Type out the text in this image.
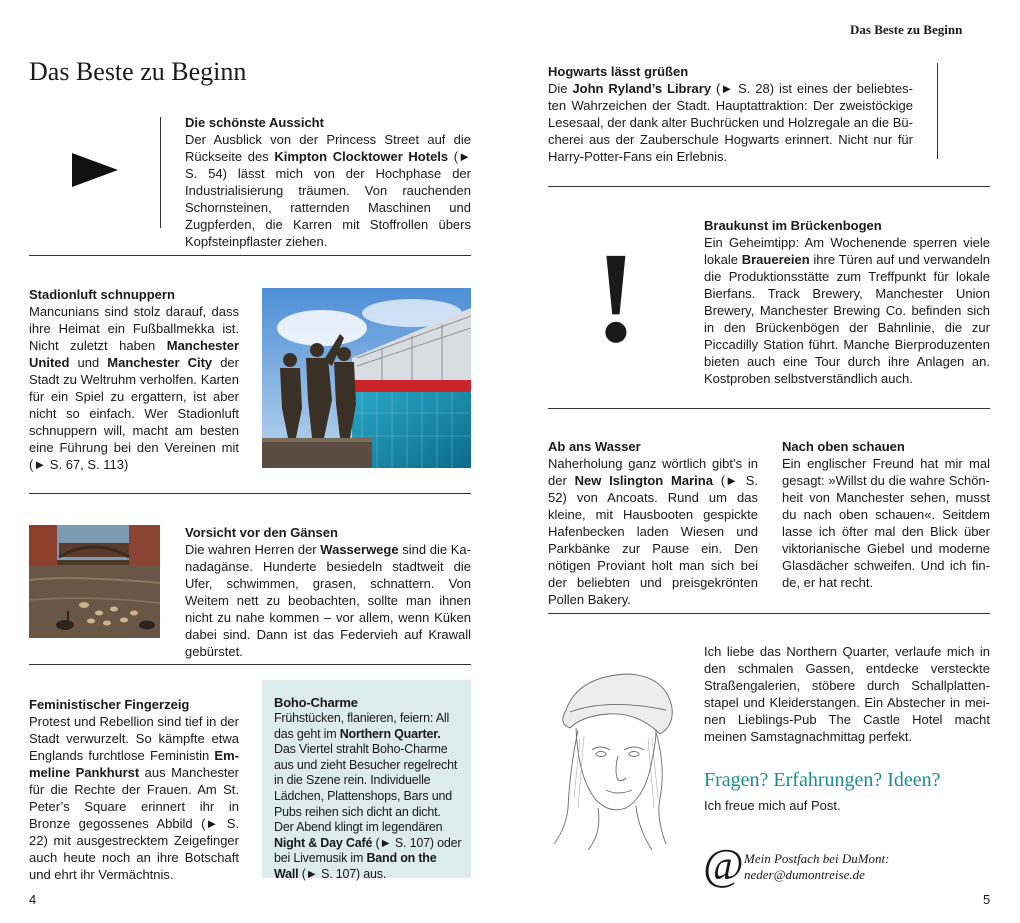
Das Beste zu Beginn
Das Beste zu Beginn
Die schönste Aussicht

Der Ausblick von der Princess Street auf die Rückseite des Kimpton Clocktower Hotels (► S. 54) lässt mich von der Hochphase der Industrialisierung träumen. Von rauchenden Schornsteinen, ratternden Maschinen und Zugpferden, die Karren mit Stoffrollen übers Kopfsteinpflaster ziehen.

Stadionluft schnuppern

Mancunians sind stolz darauf, dass ihre Heimat ein Fußballmekka ist. Nicht zuletzt haben Manchester United und Manchester City der Stadt zu Weltruhm verholfen. Karten für ein Spiel zu ergattern, ist aber nicht so einfach. Wer Stadionluft schnuppern will, macht am besten eine Führung bei den Vereinen mit (► S. 67, S. 113)

Vorsicht vor den Gänsen

Die wahren Herren der Wasserwege sind die Kanadagänse. Hunderte besiedeln stadtweit die Ufer, schwimmen, grasen, schnattern. Von Weitem nett zu beobachten, sollte man ihnen nicht zu nahe kommen – vor allem, wenn Küken dabei sind. Dann ist das Federvieh auf Krawall gebürstet.

Feministischer Fingerzeig

Protest und Rebellion sind tief in der Stadt verwurzelt. So kämpfte etwa Englands furchtlose Feministin Emmeline Pankhurst aus Manchester für die Rechte der Frauen. Am St. Peter’s Square erinnert ihr in Bronze gegossenes Abbild (► S. 22) mit ausgestrecktem Zeigefinger auch heute noch an ihre Botschaft und ehrt ihr Vermächtnis.

Boho-Charme
Frühstücken, flanieren, feiern: All das geht im Northern Quarter. Das Viertel strahlt Boho-Charme aus und zieht Besucher regelrecht in die Szene rein. Individuelle Lädchen, Plattenshops, Bars und Pubs reihen sich dicht an dicht. Der Abend klingt im legendären Night & Day Café (► S. 107) oder bei Livemusik im Band on the Wall (► S. 107) aus.
4
Hogwarts lässt grüßen

Die John Ryland’s Library (► S. 28) ist eines der beliebtesten Wahrzeichen der Stadt. Hauptattraktion: Der zweistöckige Lesesaal, der dank alter Buchrücken und Holzregale an die Bücherei aus der Zauberschule Hogwarts erinnert. Nicht nur für Harry-Potter-Fans ein Erlebnis.

!
Braukunst im Brückenbogen

Ein Geheimtipp: Am Wochenende sperren viele lokale Brauereien ihre Türen auf und verwandeln die Produktionsstätte zum Treffpunkt für lokale Bierfans. Track Brewery, Manchester Union Brewery, Manchester Brewing Co. befinden sich in den Brückenbögen der Bahnlinie, die zur Piccadilly Station führt. Manche Bierproduzenten bieten auch eine Tour durch ihre Anlagen an. Kostproben selbstverständlich auch.

Ab ans Wasser

Naherholung ganz wörtlich gibt’s in der New Islington Marina (► S. 52) von Ancoats. Rund um das kleine, mit Hausbooten gespickte Hafenbecken laden Wiesen und Parkbänke zur Pause ein. Den nötigen Proviant holt man sich bei der beliebten und preisgekrönten Pollen Bakery.

Nach oben schauen

Ein englischer Freund hat mir mal gesagt: »Willst du die wahre Schönheit von Manchester sehen, musst du nach oben schauen«. Seitdem lasse ich öfter mal den Blick über viktorianische Giebel und moderne Glasdächer schweifen. Und ich finde, er hat recht.

Ich liebe das Northern Quarter, verlaufe mich in den schmalen Gassen, entdecke versteckte Straßengalerien, stöbere durch Schallplattenstapel und Kleiderstangen. Ein Abstecher in meinen Lieblings-Pub The Castle Hotel macht meinen Samstagnachmittag perfekt.
Fragen? Erfahrungen? Ideen?
Ich freue mich auf Post.
@ Mein Postfach bei DuMont:
neder@dumontreise.de
5
